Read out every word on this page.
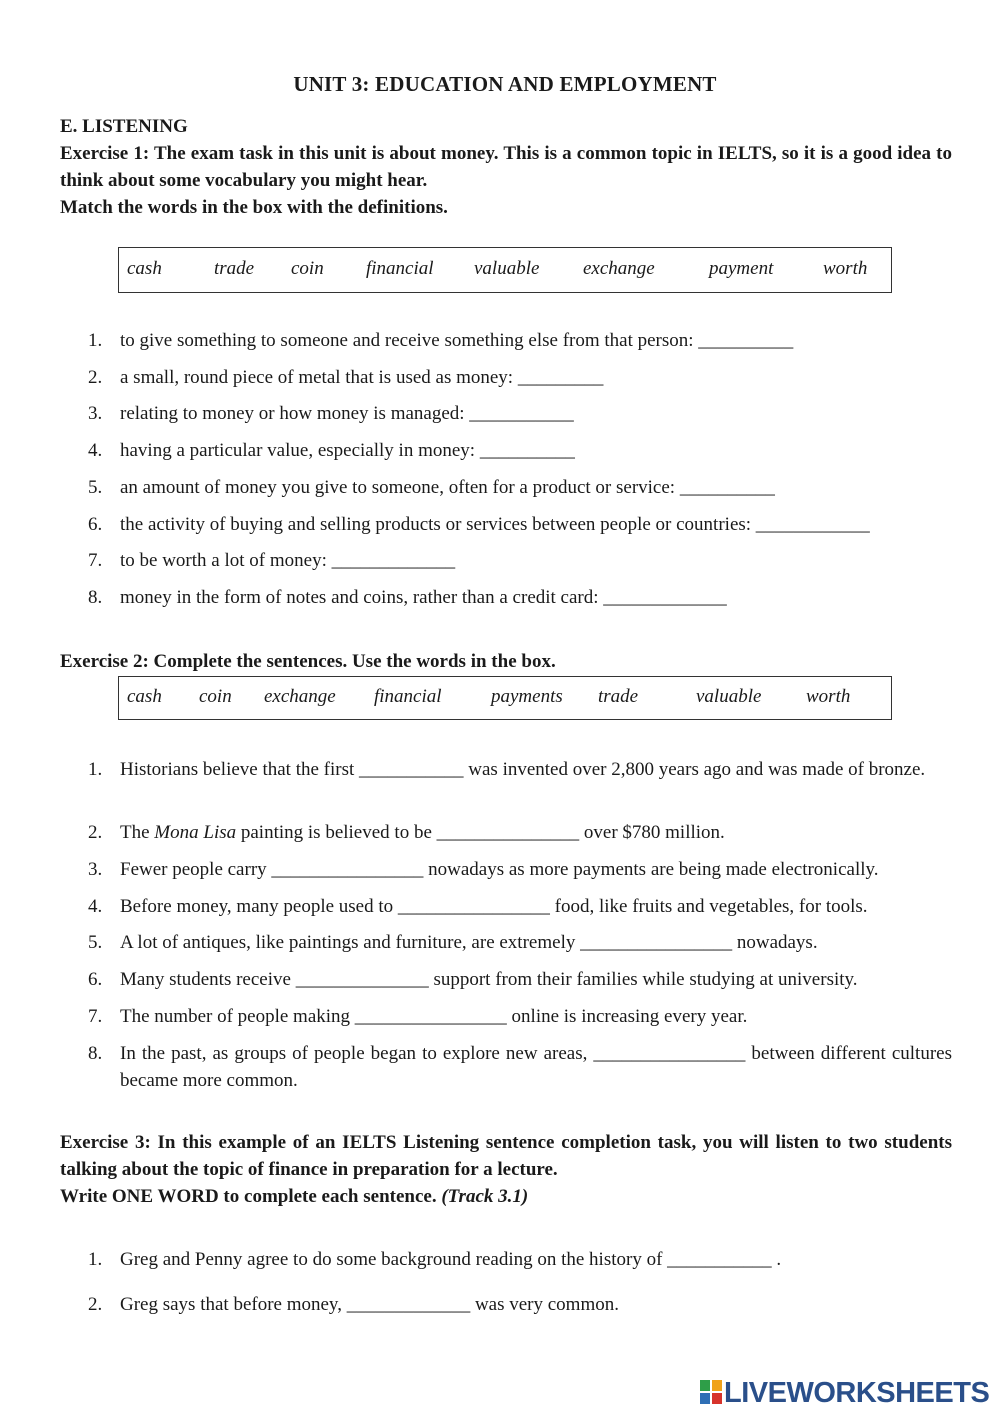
UNIT 3: EDUCATION AND EMPLOYMENT
E. LISTENING
Exercise 1: The exam task in this unit is about money. This is a common topic in IELTS, so it is a good idea to think about some vocabulary you might hear.
Match the words in the box with the definitions.
cash	trade coin financial valuable exchange	payment	worth
1. to give something to someone and receive something else from that person: __________
2. a small, round piece of metal that is used as money: _________
3. relating to money or how money is managed: ___________
4. having a particular value, especially in money: __________
5. an amount of money you give to someone, often for a product or service: __________
6. the activity of buying and selling products or services between people or countries: ____________
7. to be worth a lot of money: _____________
8. money in the form of notes and coins, rather than a credit card: _____________
Exercise 2: Complete the sentences. Use the words in the box.
cash coin exchange financial	payments trade	valuable worth
1. Historians believe that the first ___________ was invented over 2,800 years ago and was made of bronze.
2. The Mona Lisa painting is believed to be _______________ over $780 million.
3. Fewer people carry ________________ nowadays as more payments are being made electronically.
4. Before money, many people used to ________________ food, like fruits and vegetables, for tools.
5. A lot of antiques, like paintings and furniture, are extremely ________________ nowadays.
6. Many students receive ______________ support from their families while studying at university.
7. The number of people making ________________ online is increasing every year.
8. In the past, as groups of people began to explore new areas, ________________ between different cultures became more common.
Exercise 3: In this example of an IELTS Listening sentence completion task, you will listen to two students talking about the topic of finance in preparation for a lecture.
Write ONE WORD to complete each sentence. (Track 3.1)
1. Greg and Penny agree to do some background reading on the history of ___________ .
2. Greg says that before money, _____________ was very common.
LIVEWORKSHEETS
